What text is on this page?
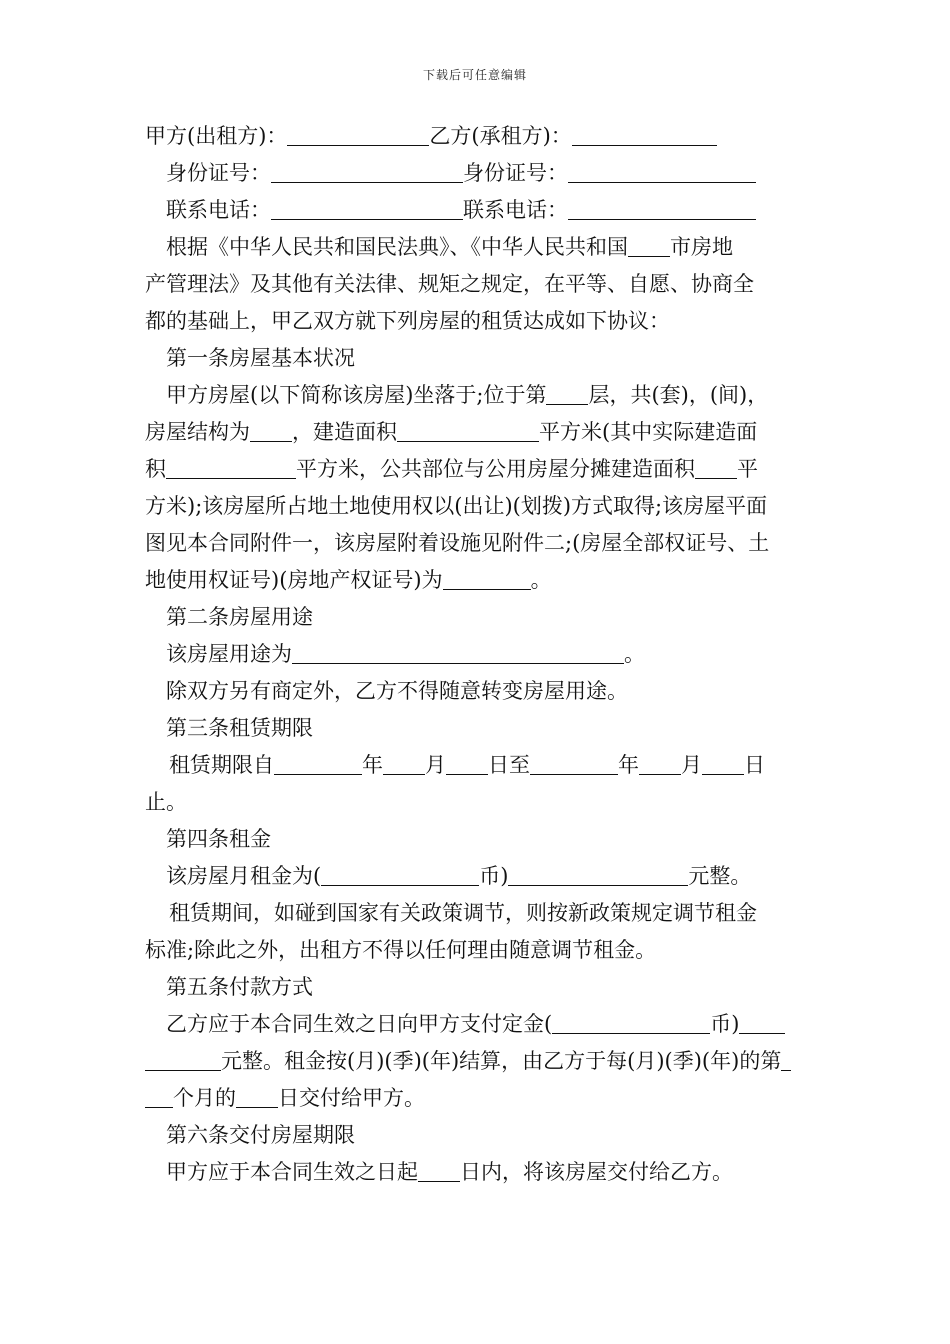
下载后可任意编辑
甲方(出租方)：	乙方(承租方)：
身份证号：	身份证号：
联系电话：	联系电话：
根据《中华人民共和国民法典》、《中华人民共和国 市房地
产管理法》及其他有关法律、规矩之规定，在平等、自愿、协商全
都的基础上，甲乙双方就下列房屋的租赁达成如下协议：
第一条房屋基本状况
甲方房屋(以下简称该房屋)坐落于;位于第 层，共(套)，(间)，
房屋结构为 ，建造面积	平方米(其中实际建造面
积	平方米，公共部位与公用房屋分摊建造面积 平
方米);该房屋所占地土地使用权以(出让)(划拨)方式取得;该房屋平面
图见本合同附件一，该房屋附着设施见附件二;(房屋全部权证号、土
地使用权证号)(房地产权证号)为	。
第二条房屋用途
该房屋用途为	。
除双方另有商定外，乙方不得随意转变房屋用途。
第三条租赁期限
租赁期限自	年 月 日至	年 月 日
止。
第四条租金
该房屋月租金为(	币)	元整。
租赁期间，如碰到国家有关政策调节，则按新政策规定调节租金
标准;除此之外，出租方不得以任何理由随意调节租金。
第五条付款方式
乙方应于本合同生效之日向甲方支付定金(	币)
元整。租金按(月)(季)(年)结算，由乙方于每(月)(季)(年)的第
个月的 日交付给甲方。
第六条交付房屋期限
甲方应于本合同生效之日起 日内，将该房屋交付给乙方。
